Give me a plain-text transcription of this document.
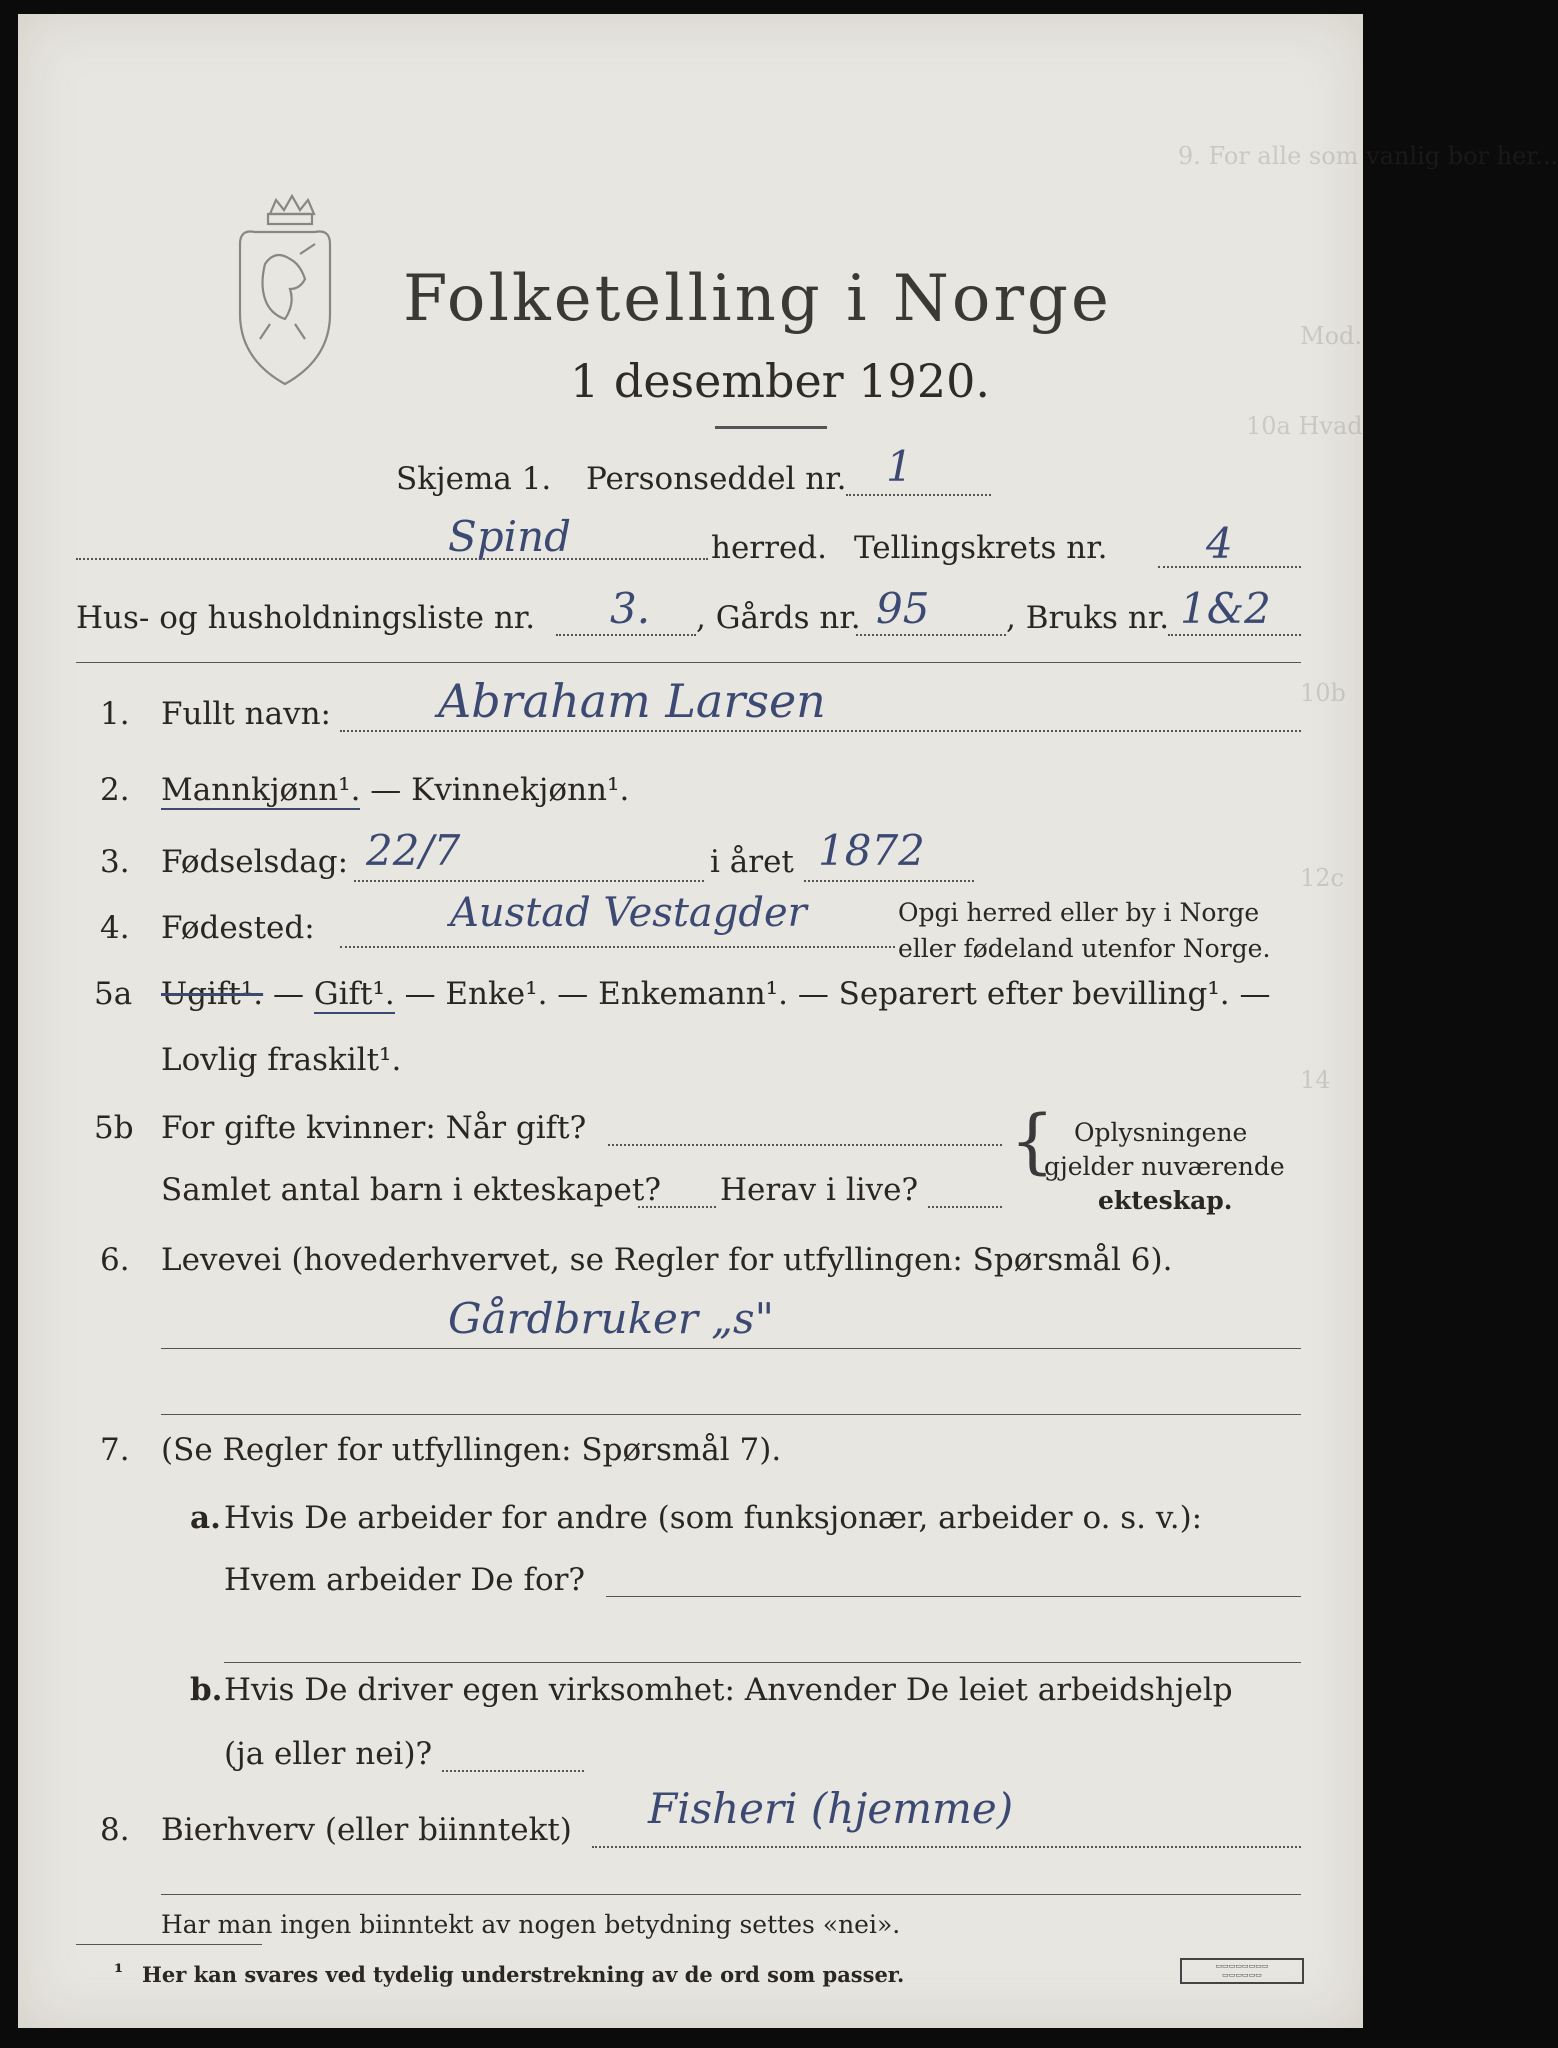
Folketelling i Norge
1 desember 1920.
9. For alle som vanlig bor her...
Mod.
10a Hvad
10b
12c
14
Skjema 1. Personseddel nr. 1
Spind	herred. Tellingskrets nr. 4
Hus- og husholdningsliste nr. 3. , Gårds nr. 95 , Bruks nr. 1&2
1. Fullt navn: Abraham Larsen
2. Mannkjønn¹. — Kvinnekjønn¹.
3. Fødselsdag: 22/7	i året 1872
4. Fødested:	Austad Vestagder	Opgi herred eller by i Norge
eller fødeland utenfor Norge.
5a Ugift¹. — Gift¹. — Enke¹. — Enkemann¹. — Separert efter bevilling¹. —
Lovlig fraskilt¹.
5b For gifte kvinner: Når gift?
Samlet antal barn i ekteskapet? Herav i live?
{ Oplysningene
gjelder nuværende
ekteskap.
6. Levevei (hovederhvervet, se Regler for utfyllingen: Spørsmål 6).
Gårdbruker „s"
7. (Se Regler for utfyllingen: Spørsmål 7).
a. Hvis De arbeider for andre (som funksjonær, arbeider o. s. v.):
Hvem arbeider De for?
b. Hvis De driver egen virksomhet: Anvender De leiet arbeidshjelp
(ja eller nei)?
8. Bierhverv (eller biinntekt) Fisheri (hjemme)
Har man ingen biinntekt av nogen betydning settes «nei».
¹ Her kan svares ved tydelig understrekning av de ord som passer.	▭▭▭▭▭▭▭▭
▭▭▭▭▭▭
